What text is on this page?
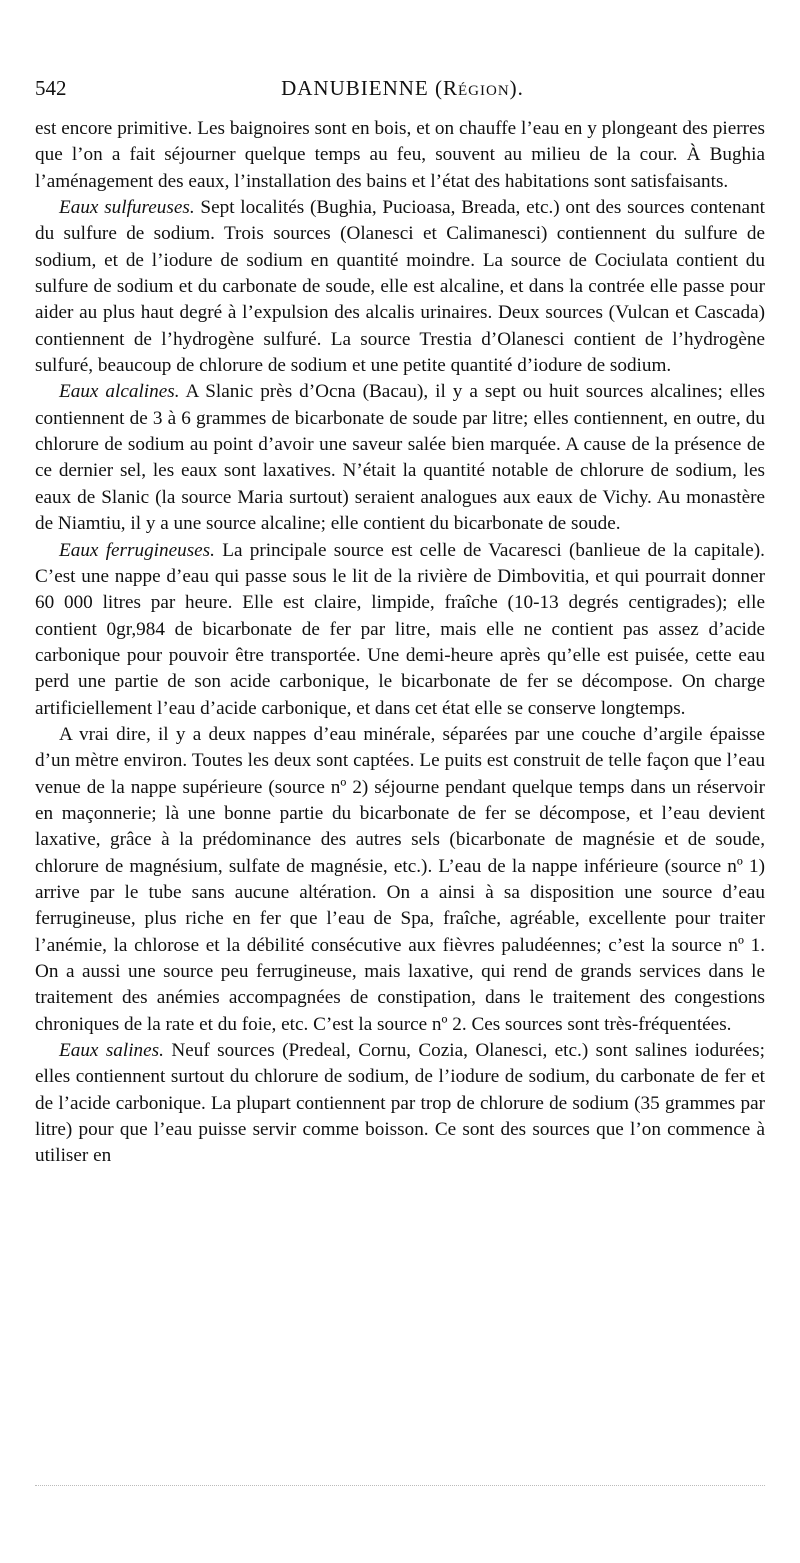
542	DANUBIENNE (Région).

est encore primitive. Les baignoires sont en bois, et on chauffe l’eau en y plongeant des pierres que l’on a fait séjourner quelque temps au feu, souvent au milieu de la cour. À Bughia l’aménagement des eaux, l’installation des bains et l’état des habitations sont satisfaisants.

Eaux sulfureuses. Sept localités (Bughia, Pucioasa, Breada, etc.) ont des sources contenant du sulfure de sodium. Trois sources (Olanesci et Calimanesci) contiennent du sulfure de sodium, et de l’iodure de sodium en quantité moindre. La source de Cociulata contient du sulfure de sodium et du carbonate de soude, elle est alcaline, et dans la contrée elle passe pour aider au plus haut degré à l’expulsion des alcalis urinaires. Deux sources (Vulcan et Cascada) contiennent de l’hydrogène sulfuré. La source Trestia d’Olanesci contient de l’hydrogène sulfuré, beaucoup de chlorure de sodium et une petite quantité d’iodure de sodium.

Eaux alcalines. A Slanic près d’Ocna (Bacau), il y a sept ou huit sources alcalines; elles contiennent de 3 à 6 grammes de bicarbonate de soude par litre; elles contiennent, en outre, du chlorure de sodium au point d’avoir une saveur salée bien marquée. A cause de la présence de ce dernier sel, les eaux sont laxatives. N’était la quantité notable de chlorure de sodium, les eaux de Slanic (la source Maria surtout) seraient analogues aux eaux de Vichy. Au monastère de Niamtiu, il y a une source alcaline; elle contient du bicarbonate de soude.

Eaux ferrugineuses. La principale source est celle de Vacaresci (banlieue de la capitale). C’est une nappe d’eau qui passe sous le lit de la rivière de Dimbovitia, et qui pourrait donner 60 000 litres par heure. Elle est claire, limpide, fraîche (10-13 degrés centigrades); elle contient 0gr,984 de bicarbonate de fer par litre, mais elle ne contient pas assez d’acide carbonique pour pouvoir être transportée. Une demi-heure après qu’elle est puisée, cette eau perd une partie de son acide carbonique, le bicarbonate de fer se décompose. On charge artificiellement l’eau d’acide carbonique, et dans cet état elle se conserve longtemps.

A vrai dire, il y a deux nappes d’eau minérale, séparées par une couche d’argile épaisse d’un mètre environ. Toutes les deux sont captées. Le puits est construit de telle façon que l’eau venue de la nappe supérieure (source nº 2) séjourne pendant quelque temps dans un réservoir en maçonnerie; là une bonne partie du bicarbonate de fer se décompose, et l’eau devient laxative, grâce à la prédominance des autres sels (bicarbonate de magnésie et de soude, chlorure de magnésium, sulfate de magnésie, etc.). L’eau de la nappe inférieure (source nº 1) arrive par le tube sans aucune altération. On a ainsi à sa disposition une source d’eau ferrugineuse, plus riche en fer que l’eau de Spa, fraîche, agréable, excellente pour traiter l’anémie, la chlorose et la débilité consécutive aux fièvres paludéennes; c’est la source nº 1. On a aussi une source peu ferrugineuse, mais laxative, qui rend de grands services dans le traitement des anémies accompagnées de constipation, dans le traitement des congestions chroniques de la rate et du foie, etc. C’est la source nº 2. Ces sources sont très-fréquentées.

Eaux salines. Neuf sources (Predeal, Cornu, Cozia, Olanesci, etc.) sont salines iodurées; elles contiennent surtout du chlorure de sodium, de l’iodure de sodium, du carbonate de fer et de l’acide carbonique. La plupart contiennent par trop de chlorure de sodium (35 grammes par litre) pour que l’eau puisse servir comme boisson. Ce sont des sources que l’on commence à utiliser en
